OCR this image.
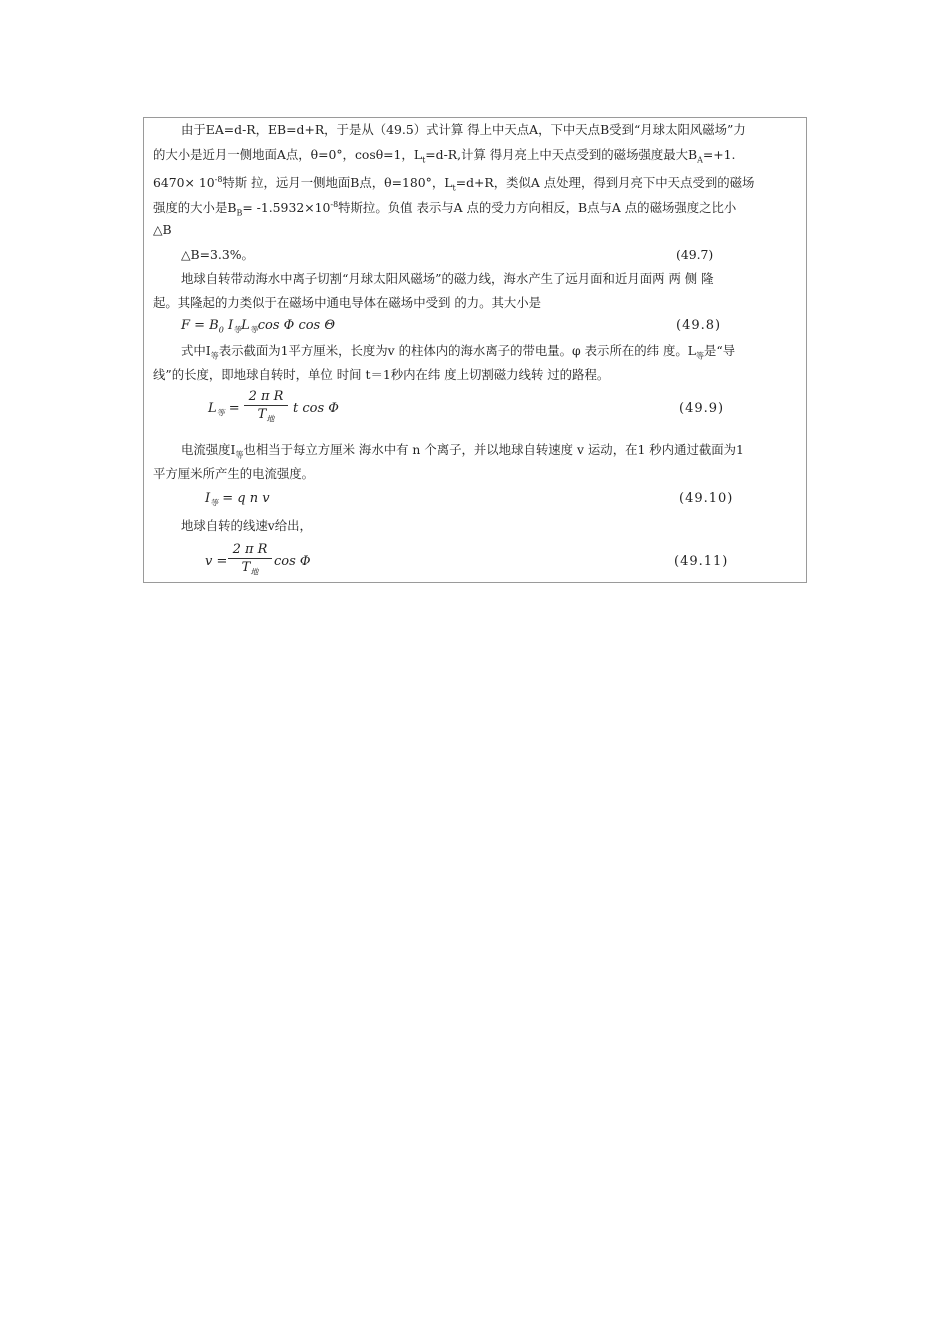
由于EA=d-R，EB=d+R，于是从（49.5）式计算 得上中天点A，下中天点B受到“月球太阳风磁场”力
的大小是近月一侧地面A点，θ=0°，cosθ=1，$L_t=d-R$,计算 得月亮上中天点受到的磁场强度最大$B_A=+1$.
$6470\times 10^{-8}$特斯 拉，远月一侧地面B点，θ=180°，$L_t=d+R$，类似A 点处理，得到月亮下中天点受到的磁场
强度的大小是$B_B= -1.5932\times 10^{-8}$特斯拉。负值 表示与A 点的受力方向相反，B点与A 点的磁场强度之比小
△B
△B=3.3%。	(49.7)
地球自转带动海水中离子切割“月球太阳风磁场”的磁力线，海水产生了远月面和近月面两 两 侧 隆
起。其隆起的力类似于在磁场中通电导体在磁场中受到 的力。其大小是
$F = B_0$ $I_等L_等\cos$ Φ cos Θ	(49.8)
式中$I_等$表示截面为1平方厘米，长度为v 的柱体内的海水离子的带电量。φ 表示所在的纬 度。$L_等$是“导
线”的长度，即地球自转时，单位 时间 t＝1秒内在纬 度上切割磁力线转 过的路程。
$L_等$ =
2 π R
$T_地$
t cos Φ	(49.9)
电流强度$I_等$也相当于每立方厘米 海水中有 n 个离子，并以地球自转速度 v 运动，在1 秒内通过截面为1
平方厘米所产生的电流强度。
$I_等 = q$ n v	(49.10)
地球自转的线速v给出，
v =
2 π R
$T_地$
cos Φ	(49.11)
